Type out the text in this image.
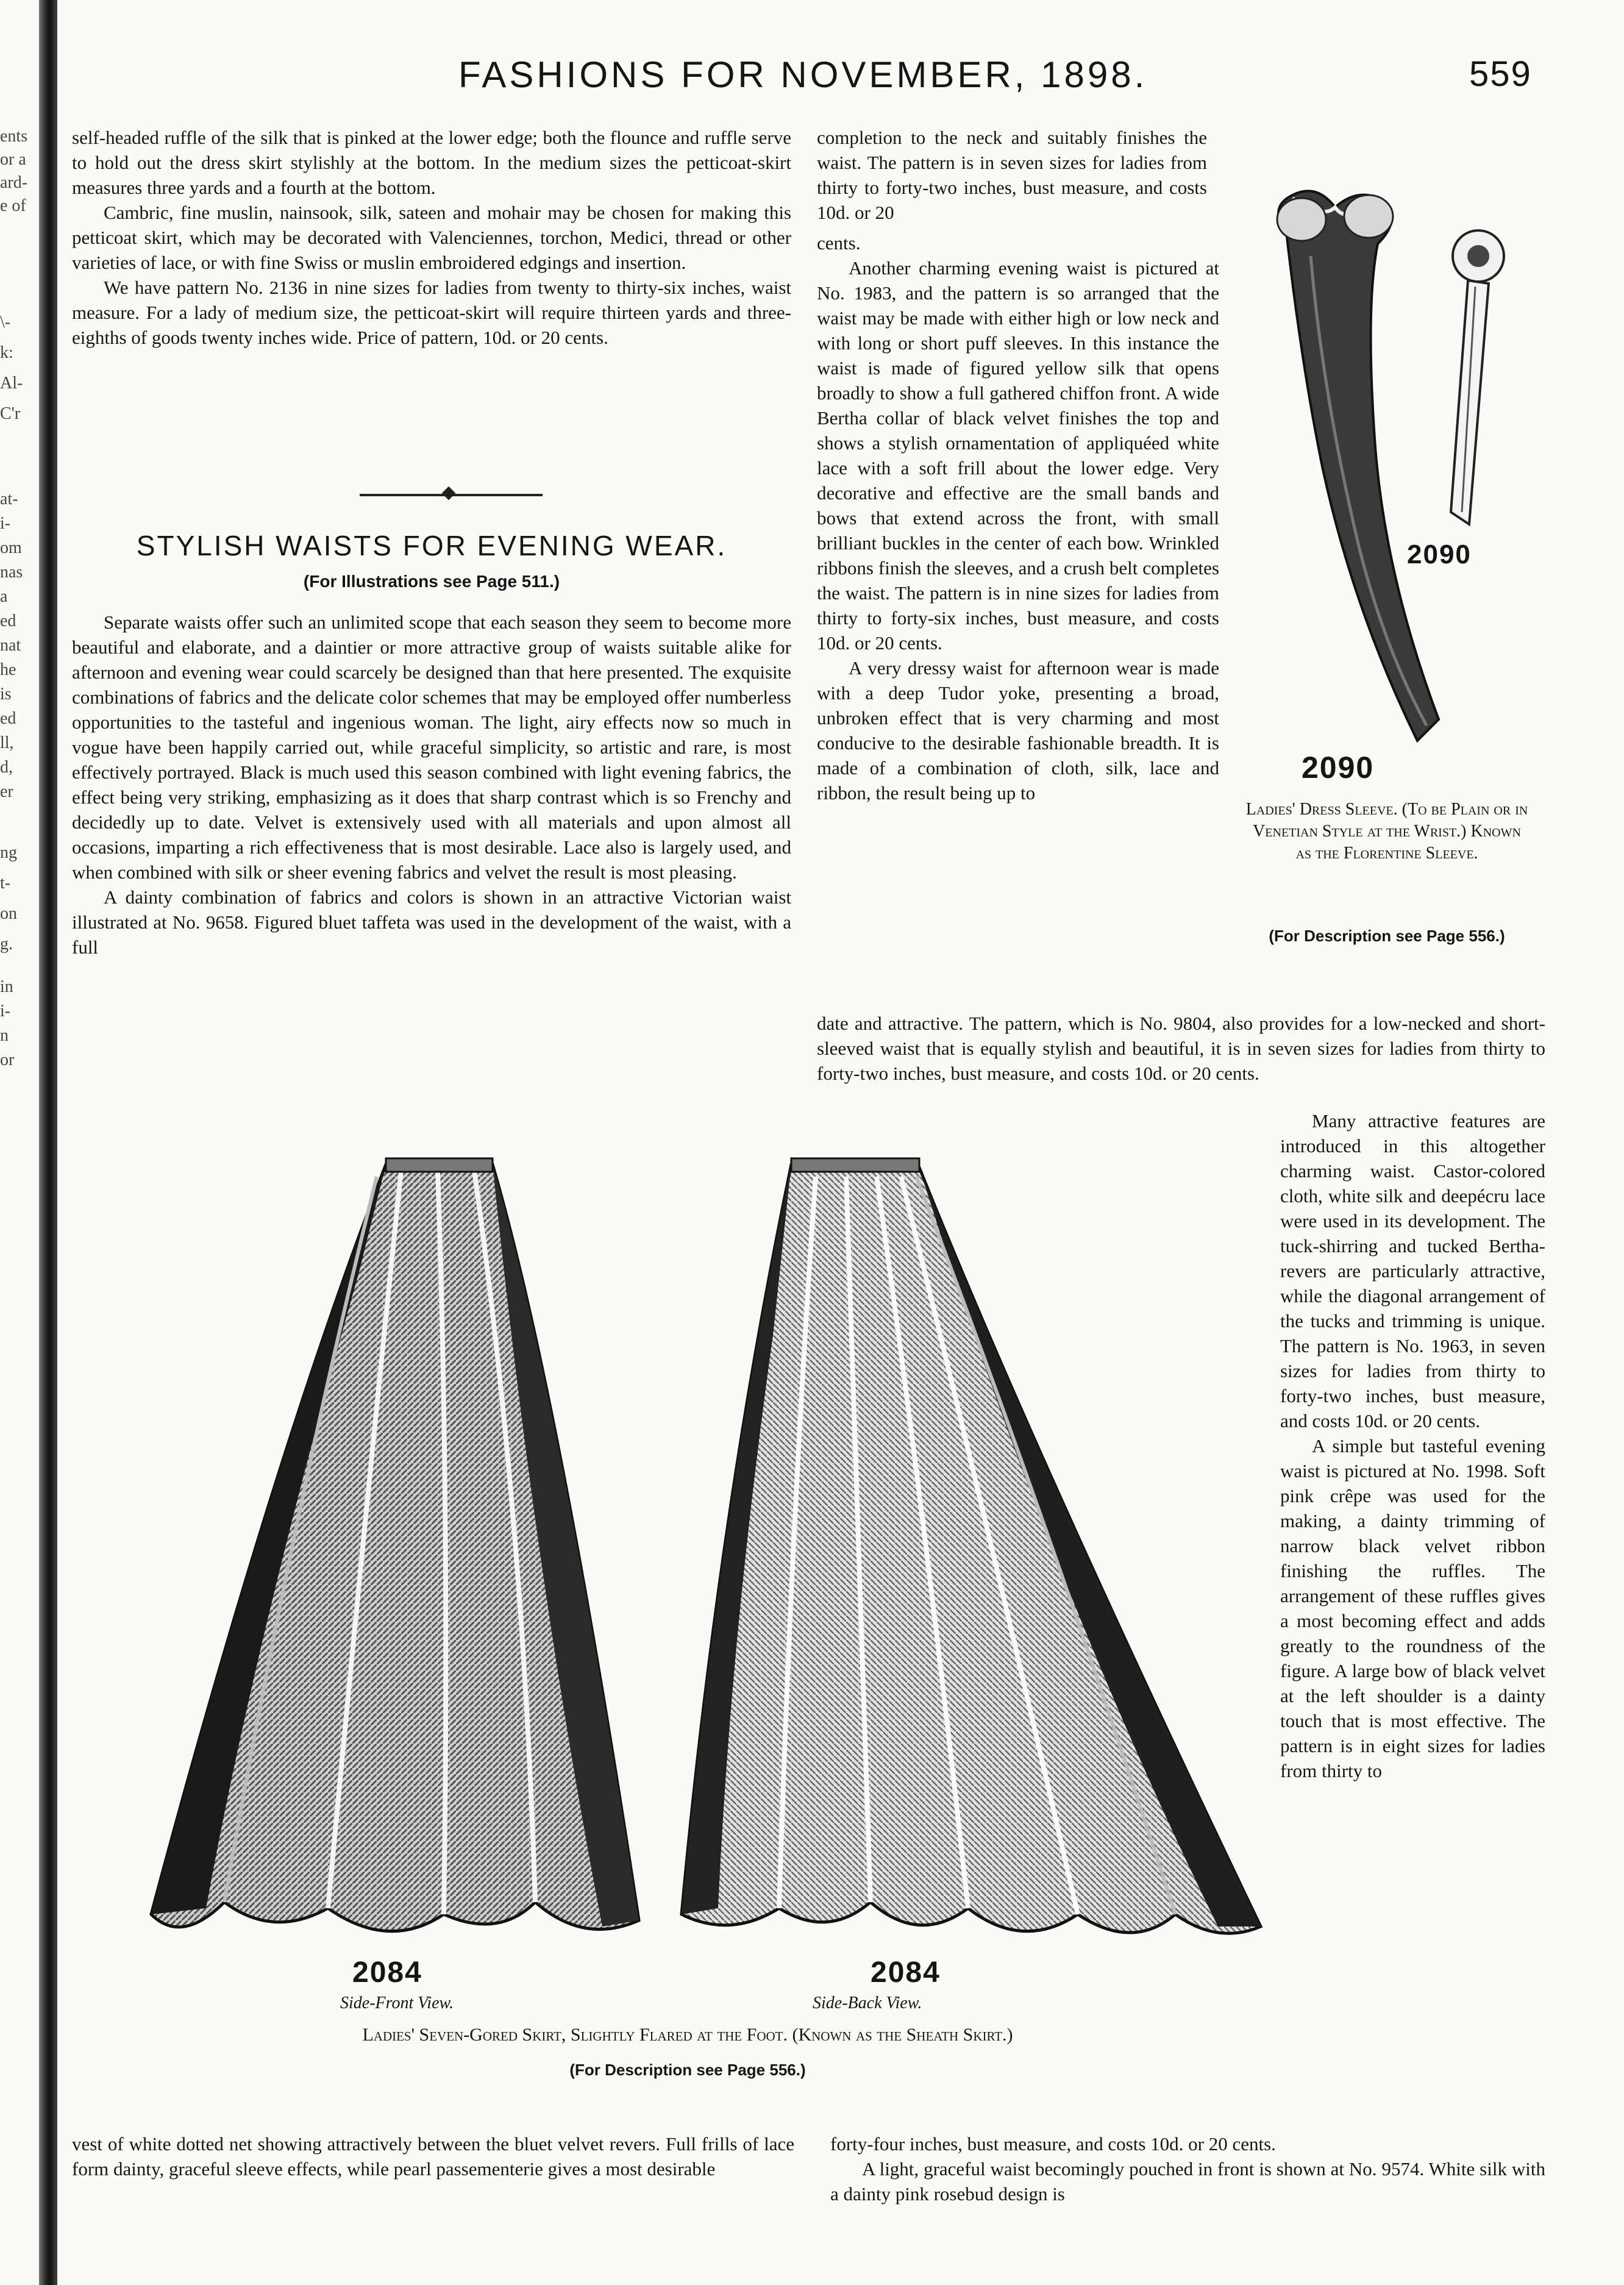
ents
or a
ard-
e of
\-
k:
Al-
C'r
at-
i-
om
nas
a
ed
nat
he
is
ed
ll,
d,
er
ng
t-
on
g.
in
i-
n
or
FASHIONS FOR NOVEMBER, 1898.	559

self-headed ruffle of the silk that is pinked at the lower edge; both the flounce and ruffle serve to hold out the dress skirt stylishly at the bottom. In the medium sizes the petticoat-skirt measures three yards and a fourth at the bottom.

Cambric, fine muslin, nainsook, silk, sateen and mohair may be chosen for making this petticoat skirt, which may be decorated with Valenciennes, torchon, Medici, thread or other varieties of lace, or with fine Swiss or muslin embroidered edgings and insertion.

We have pattern No. 2136 in nine sizes for ladies from twenty to thirty-six inches, waist measure. For a lady of medium size, the petticoat-skirt will require thirteen yards and three-eighths of goods twenty inches wide. Price of pattern, 10d. or 20 cents.

STYLISH WAISTS FOR EVENING WEAR.
(For Illustrations see Page 511.)

Separate waists offer such an unlimited scope that each season they seem to become more beautiful and elaborate, and a daintier or more attractive group of waists suitable alike for afternoon and evening wear could scarcely be designed than that here presented. The exquisite combinations of fabrics and the delicate color schemes that may be employed offer numberless opportunities to the tasteful and ingenious woman. The light, airy effects now so much in vogue have been happily carried out, while graceful simplicity, so artistic and rare, is most effectively portrayed. Black is much used this season combined with light evening fabrics, the effect being very striking, emphasizing as it does that sharp contrast which is so Frenchy and decidedly up to date. Velvet is extensively used with all materials and upon almost all occasions, imparting a rich effectiveness that is most desirable. Lace also is largely used, and when combined with silk or sheer evening fabrics and velvet the result is most pleasing.

A dainty combination of fabrics and colors is shown in an attractive Victorian waist illustrated at No. 9658. Figured bluet taffeta was used in the development of the waist, with a full

completion to the neck and suitably finishes the waist. The pattern is in seven sizes for ladies from thirty to forty-two inches, bust measure, and costs 10d. or 20

cents.

Another charming evening waist is pictured at No. 1983, and the pattern is so arranged that the waist may be made with either high or low neck and with long or short puff sleeves. In this instance the waist is made of figured yellow silk that opens broadly to show a full gathered chiffon front. A wide Bertha collar of black velvet finishes the top and shows a stylish ornamentation of appliquéed white lace with a soft frill about the lower edge. Very decorative and effective are the small bands and bows that extend across the front, with small brilliant buckles in the center of each bow. Wrinkled ribbons finish the sleeves, and a crush belt completes the waist. The pattern is in nine sizes for ladies from thirty to forty-six inches, bust measure, and costs 10d. or 20 cents.

A very dressy waist for afternoon wear is made with a deep Tudor yoke, presenting a broad, unbroken effect that is very charming and most conducive to the desirable fashionable breadth. It is made of a combination of cloth, silk, lace and ribbon, the result being up to

date and attractive. The pattern, which is No. 9804, also provides for a low-necked and short-sleeved waist that is equally stylish and beautiful, it is in seven sizes for ladies from thirty to forty-two inches, bust measure, and costs 10d. or 20 cents.

Many attractive features are introduced in this altogether charming waist. Castor-colored cloth, white silk and deepécru lace were used in its development. The tuck-shirring and tucked Bertha-revers are particularly attractive, while the diagonal arrangement of the tucks and trimming is unique. The pattern is No. 1963, in seven sizes for ladies from thirty to forty-two inches, bust measure, and costs 10d. or 20 cents.

A simple but tasteful evening waist is pictured at No. 1998. Soft pink crêpe was used for the making, a dainty trimming of narrow black velvet ribbon finishing the ruffles. The arrangement of these ruffles gives a most becoming effect and adds greatly to the roundness of the figure. A large bow of black velvet at the left shoulder is a dainty touch that is most effective. The pattern is in eight sizes for ladies from thirty to

2090
2090
Ladies' Dress Sleeve. (To be Plain or in Venetian Style at the Wrist.) Known as the Florentine Sleeve.
(For Description see Page 556.)
2084	2084
Side-Front View.	Side-Back View.
Ladies' Seven-Gored Skirt, Slightly Flared at the Foot. (Known as the Sheath Skirt.)
(For Description see Page 556.)

vest of white dotted net showing attractively between the bluet velvet revers. Full frills of lace form dainty, graceful sleeve effects, while pearl passementerie gives a most desirable

forty-four inches, bust measure, and costs 10d. or 20 cents.

A light, graceful waist becomingly pouched in front is shown at No. 9574. White silk with a dainty pink rosebud design is
